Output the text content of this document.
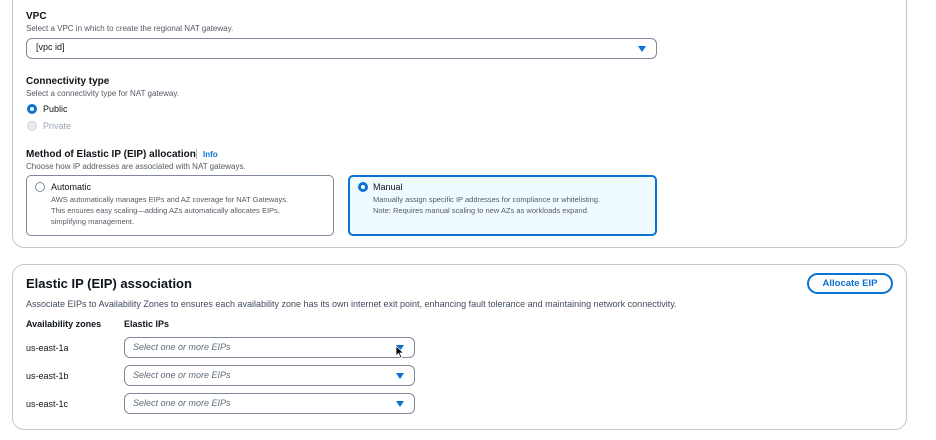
VPC
Select a VPC in which to create the regional NAT gateway.
[vpc id]
Connectivity type
Select a connectivity type for NAT gateway.
Public
Private
Method of Elastic IP (EIP) allocation Info
Choose how IP addresses are associated with NAT gateways.
Automatic
AWS automatically manages EIPs and AZ coverage for NAT Gateways.
This ensures easy scaling—adding AZs automatically allocates EIPs,
simplifying management.
Manual
Manually assign specific IP addresses for compliance or whitelisting.
Note: Requires manual scaling to new AZs as workloads expand.
Elastic IP (EIP) association	Allocate EIP
Associate EIPs to Availability Zones to ensures each availability zone has its own internet exit point, enhancing fault tolerance and maintaining network connectivity.
Availability zones	Elastic IPs
us-east-1a	Select one or more EIPs
us-east-1b	Select one or more EIPs
us-east-1c	Select one or more EIPs
